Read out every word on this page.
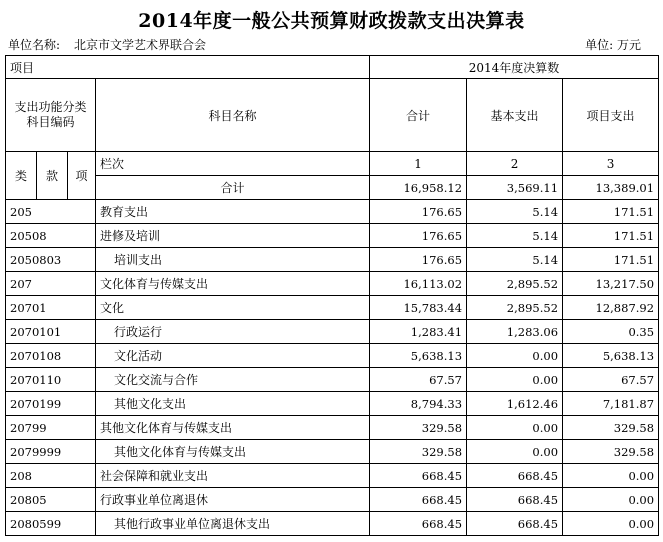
2014年度一般公共预算财政拨款支出决算表
单位名称: 北京市文学艺术界联合会	单位: 万元
项目				2014年度决算数		

支出功能分类科目编码			科目名称	合计	基本支出	项目支出
类	款	项	栏次	1	2	3
			合计	16,958.12	3,569.11	13,389.01
205			教育支出	176.65	5.14	171.51
20508			进修及培训	176.65	5.14	171.51
2050803			培训支出	176.65	5.14	171.51
207			文化体育与传媒支出	16,113.02	2,895.52	13,217.50
20701			文化	15,783.44	2,895.52	12,887.92
2070101			行政运行	1,283.41	1,283.06	0.35
2070108			文化活动	5,638.13	0.00	5,638.13
2070110			文化交流与合作	67.57	0.00	67.57
2070199			其他文化支出	8,794.33	1,612.46	7,181.87
20799			其他文化体育与传媒支出	329.58	0.00	329.58
2079999			其他文化体育与传媒支出	329.58	0.00	329.58
208			社会保障和就业支出	668.45	668.45	0.00
20805			行政事业单位离退休	668.45	668.45	0.00
2080599			其他行政事业单位离退休支出	668.45	668.45	0.00
